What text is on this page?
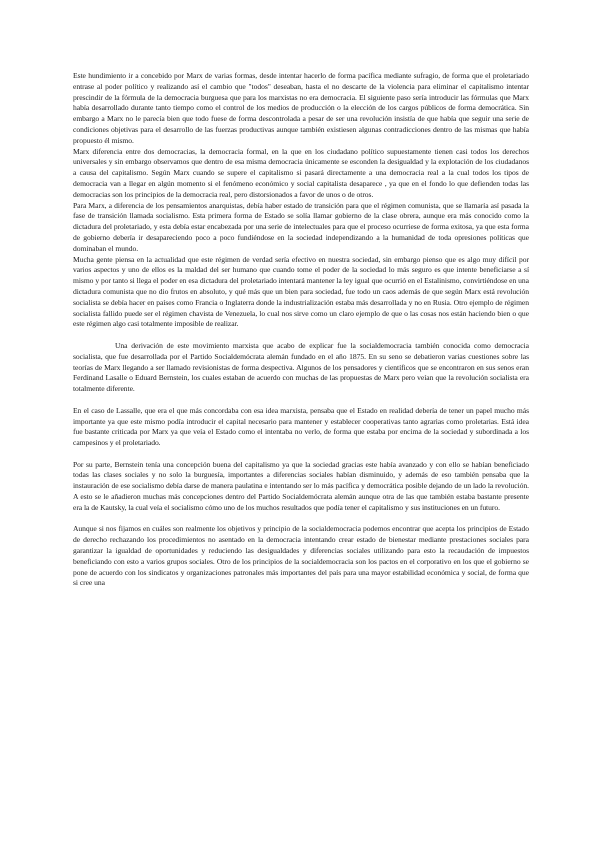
Este hundimiento ir a concebido por Marx de varias formas, desde intentar hacerlo de forma pacífica mediante sufragio, de forma que el proletariado entrase al poder político y realizando así el cambio que "todos" deseaban, hasta el no descarte de la violencia para eliminar el capitalismo intentar prescindir de la fórmula de la democracia burguesa que para los marxistas no era democracia. El siguiente paso sería introducir las fórmulas que Marx había desarrollado durante tanto tiempo como el control de los medios de producción o la elección de los cargos públicos de forma democrática. Sin embargo a Marx no le parecía bien que todo fuese de forma descontrolada a pesar de ser una revolución insistía de que había que seguir una serie de condiciones objetivas para el desarrollo de las fuerzas productivas aunque también existiesen algunas contradicciones dentro de las mismas que había propuesto él mismo.

Marx diferencia entre dos democracias, la democracia formal, en la que en los ciudadano político supuestamente tienen casi todos los derechos universales y sin embargo observamos que dentro de esa misma democracia únicamente se esconden la desigualdad y la explotación de los ciudadanos a causa del capitalismo. Según Marx cuando se supere el capitalismo si pasará directamente a una democracia real a la cual todos los tipos de democracia van a llegar en algún momento si el fenómeno económico y social capitalista desaparece , ya que en el fondo lo que defienden todas las democracias son los principios de la democracia real, pero distorsionados a favor de unos o de otros.

Para Marx, a diferencia de los pensamientos anarquistas, debía haber estado de transición para que el régimen comunista, que se llamaría así pasada la fase de transición llamada socialismo. Esta primera forma de Estado se solía llamar gobierno de la clase obrera, aunque era más conocido como la dictadura del proletariado, y esta debía estar encabezada por una serie de intelectuales para que el proceso ocurriese de forma exitosa, ya que esta forma de gobierno debería ir desapareciendo poco a poco fundiéndose en la sociedad independizando a la humanidad de toda opresiones políticas que dominaban el mundo.

Mucha gente piensa en la actualidad que este régimen de verdad sería efectivo en nuestra sociedad, sin embargo pienso que es algo muy difícil por varios aspectos y uno de ellos es la maldad del ser humano que cuando tome el poder de la sociedad lo más seguro es que intente beneficiarse a sí mismo y por tanto si llega el poder en esa dictadura del proletariado intentará mantener la ley igual que ocurrió en el Estalinismo, convirtiéndose en una dictadura comunista que no dio frutos en absoluto, y qué más que un bien para sociedad, fue todo un caos además de que según Marx está revolución socialista se debía hacer en países como Francia o Inglaterra donde la industrialización estaba más desarrollada y no en Rusia. Otro ejemplo de régimen socialista fallido puede ser el régimen chavista de Venezuela, lo cual nos sirve como un claro ejemplo de que o las cosas nos están haciendo bien o que este régimen algo casi totalmente imposible de realizar.

Una derivación de este movimiento marxista que acabo de explicar fue la socialdemocracia también conocida como democracia socialista, que fue desarrollada por el Partido Socialdemócrata alemán fundado en el año 1875. En su seno se debatieron varias cuestiones sobre las teorías de Marx llegando a ser llamado revisionistas de forma despectiva. Algunos de los pensadores y científicos que se encontraron en sus senos eran Ferdinand Lasalle o Eduard Bernstein, los cuales estaban de acuerdo con muchas de las propuestas de Marx pero veían que la revolución socialista era totalmente diferente.

En el caso de Lassalle, que era el que más concordaba con esa idea marxista, pensaba que el Estado en realidad debería de tener un papel mucho más importante ya que este mismo podía introducir el capital necesario para mantener y establecer cooperativas tanto agrarias como proletarias. Está idea fue bastante criticada por Marx ya que veía el Estado como el intentaba no verlo, de forma que estaba por encima de la sociedad y subordinada a los campesinos y el proletariado.

Por su parte, Bernstein tenía una concepción buena del capitalismo ya que la sociedad gracias este había avanzado y con ello se habían beneficiado todas las clases sociales y no solo la burguesía, importantes a diferencias sociales habían disminuido, y además de eso también pensaba que la instauración de ese socialismo debía darse de manera paulatina e intentando ser lo más pacífica y democrática posible dejando de un lado la revolución. A esto se le añadieron muchas más concepciones dentro del Partido Socialdemócrata alemán aunque otra de las que también estaba bastante presente era la de Kautsky, la cual veía el socialismo cómo uno de los muchos resultados que podía tener el capitalismo y sus instituciones en un futuro.

Aunque si nos fijamos en cuáles son realmente los objetivos y principio de la socialdemocracia podemos encontrar que acepta los principios de Estado de derecho rechazando los procedimientos no asentado en la democracia intentando crear estado de bienestar mediante prestaciones sociales para garantizar la igualdad de oportunidades y reduciendo las desigualdades y diferencias sociales utilizando para esto la recaudación de impuestos beneficiando con esto a varios grupos sociales. Otro de los principios de la socialdemocracia son los pactos en el corporativo en los que el gobierno se pone de acuerdo con los sindicatos y organizaciones patronales más importantes del país para una mayor estabilidad económica y social, de forma que si cree una
